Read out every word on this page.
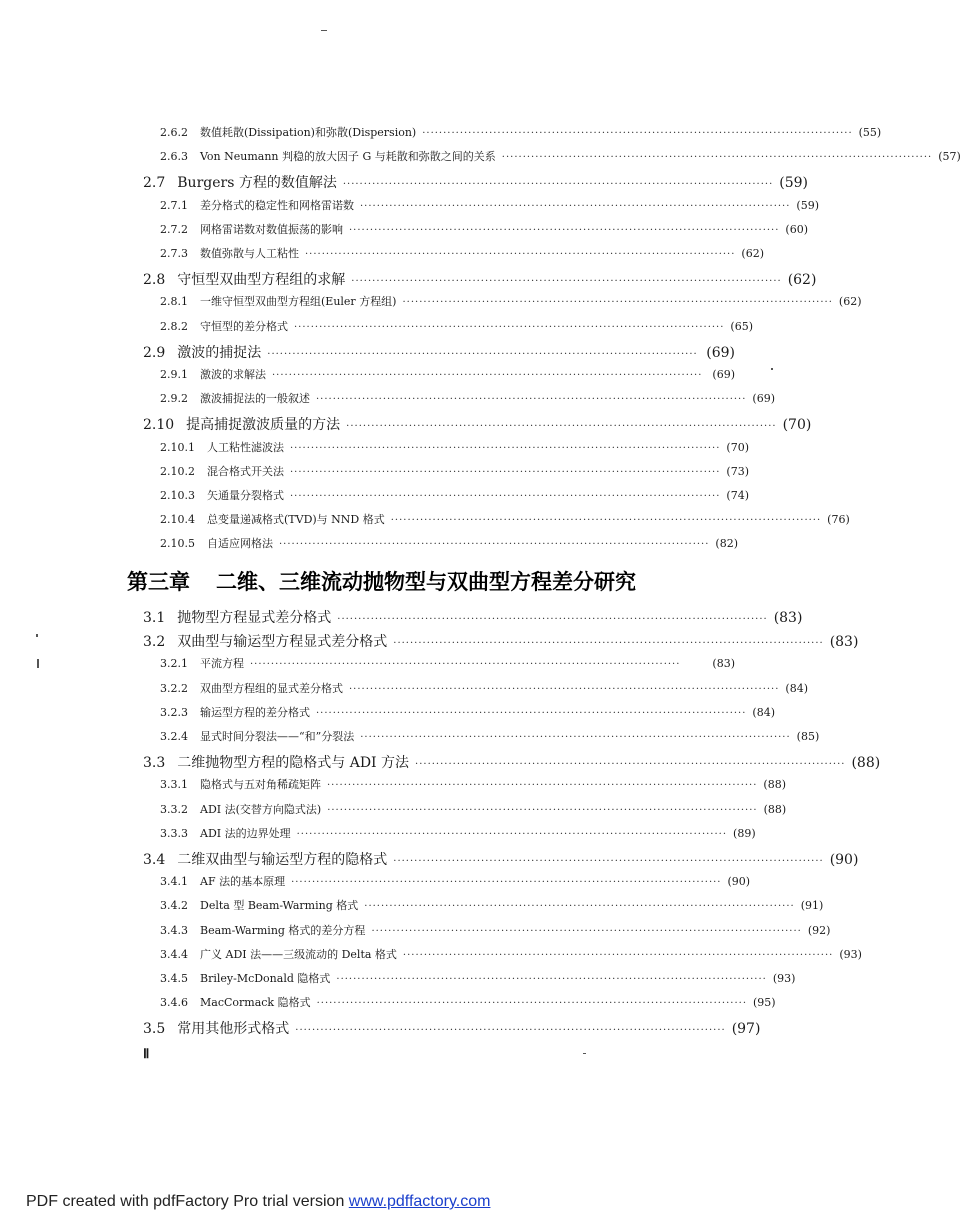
2.6.2 数值耗散(Dissipation)和弥散(Dispersion) ······································································································· (55)
2.6.3 Von Neumann 判稳的放大因子 G 与耗散和弥散之间的关系 ······································································································· (57)
2.7 Burgers 方程的数值解法 ······································································································· (59)
2.7.1 差分格式的稳定性和网格雷诺数 ······································································································· (59)
2.7.2 网格雷诺数对数值振荡的影响 ······································································································· (60)
2.7.3 数值弥散与人工粘性 ······································································································· (62)
2.8 守恒型双曲型方程组的求解 ······································································································· (62)
2.8.1 一维守恒型双曲型方程组(Euler 方程组) ······································································································· (62)
2.8.2 守恒型的差分格式 ······································································································· (65)
2.9 激波的捕捉法 ······································································································· (69)
2.9.1 激波的求解法 ······································································································· (69)
2.9.2 激波捕捉法的一般叙述 ······································································································· (69)
2.10 提高捕捉激波质量的方法 ······································································································· (70)
2.10.1 人工粘性滤波法 ······································································································· (70)
2.10.2 混合格式开关法 ······································································································· (73)
2.10.3 矢通量分裂格式 ······································································································· (74)
2.10.4 总变量递减格式(TVD)与 NND 格式 ······································································································· (76)
2.10.5 自适应网格法 ······································································································· (82)
3.1 抛物型方程显式差分格式 ······································································································· (83)
3.2 双曲型与输运型方程显式差分格式 ······································································································· (83)
3.2.1 平流方程 ·······································································································	(83)
3.2.2 双曲型方程组的显式差分格式 ······································································································· (84)
3.2.3 输运型方程的差分格式 ······································································································· (84)
3.2.4 显式时间分裂法——“和”分裂法 ······································································································· (85)
3.3 二维抛物型方程的隐格式与 ADI 方法 ······································································································· (88)
3.3.1 隐格式与五对角稀疏矩阵 ······································································································· (88)
3.3.2 ADI 法(交替方向隐式法) ······································································································· (88)
3.3.3 ADI 法的边界处理 ······································································································· (89)
3.4 二维双曲型与输运型方程的隐格式 ······································································································· (90)
3.4.1 AF 法的基本原理 ······································································································· (90)
3.4.2 Delta 型 Beam-Warming 格式 ······································································································· (91)
3.4.3 Beam-Warming 格式的差分方程 ······································································································· (92)
3.4.4 广义 ADI 法——三级流动的 Delta 格式 ······································································································· (93)
3.4.5 Briley-McDonald 隐格式 ······································································································· (93)
3.4.6 MacCormack 隐格式 ······································································································· (95)
3.5 常用其他形式格式 ······································································································· (97)
第三章 二维、三维流动抛物型与双曲型方程差分研究
Ⅱ
PDF created with pdfFactory Pro trial version www.pdffactory.com
